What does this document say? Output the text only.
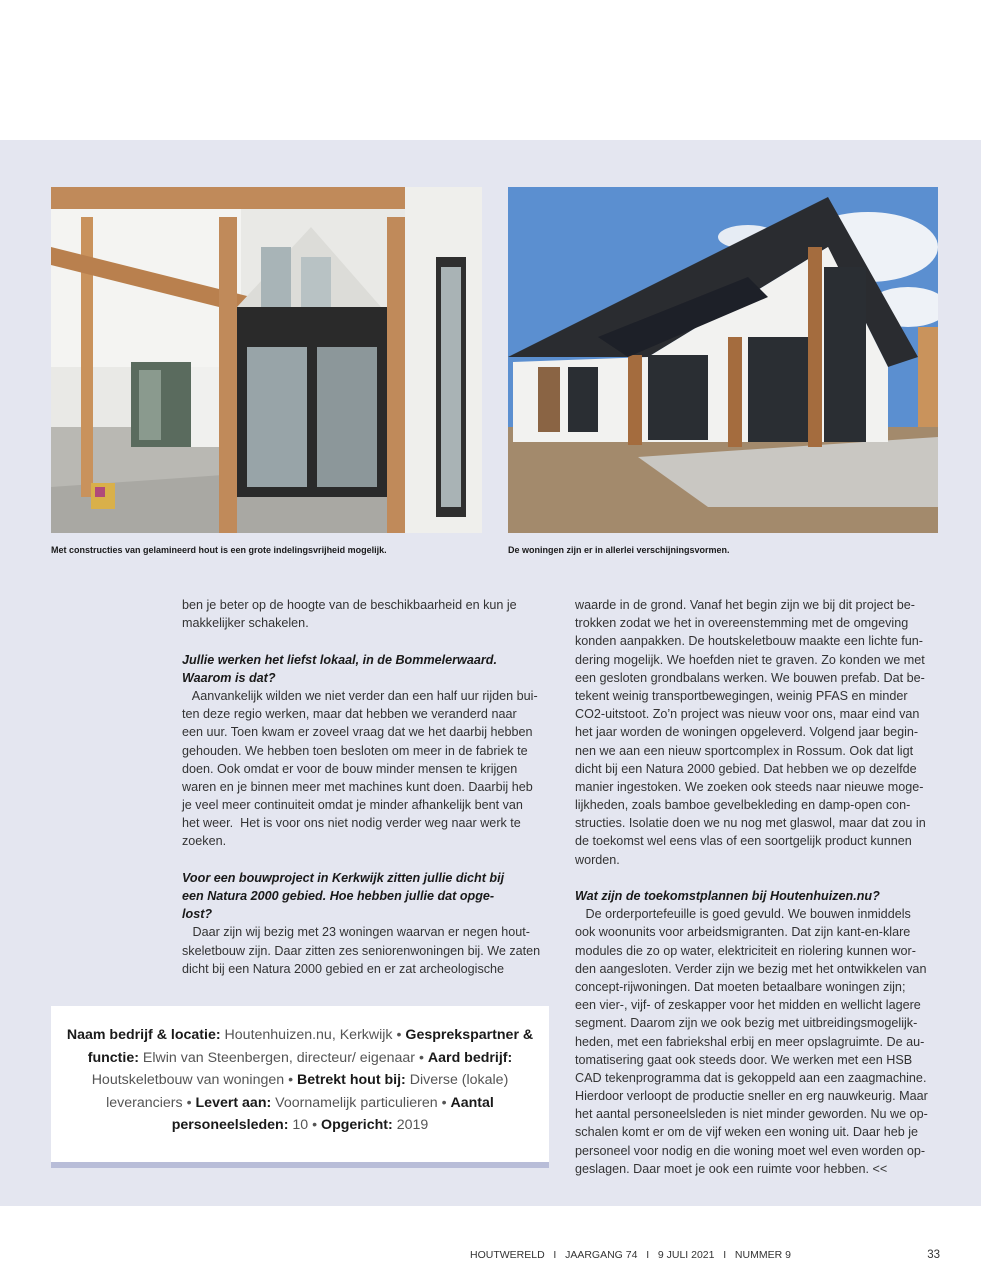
Met constructies van gelamineerd hout is een grote indelingsvrijheid mogelijk.	De woningen zijn er in allerlei verschijningsvormen.
ben je beter op de hoogte van de beschikbaarheid en kun je
makkelijker schakelen.
Jullie werken het liefst lokaal, in de Bommelerwaard.
Waarom is dat?
Aanvankelijk wilden we niet verder dan een half uur rijden bui-
ten deze regio werken, maar dat hebben we veranderd naar
een uur. Toen kwam er zoveel vraag dat we het daarbij hebben
gehouden. We hebben toen besloten om meer in de fabriek te
doen. Ook omdat er voor de bouw minder mensen te krijgen
waren en je binnen meer met machines kunt doen. Daarbij heb
je veel meer continuiteit omdat je minder afhankelijk bent van
het weer.  Het is voor ons niet nodig verder weg naar werk te
zoeken.
Voor een bouwproject in Kerkwijk zitten jullie dicht bij
een Natura 2000 gebied. Hoe hebben jullie dat opge-
lost?
Daar zijn wij bezig met 23 woningen waarvan er negen hout-
skeletbouw zijn. Daar zitten zes seniorenwoningen bij. We zaten
dicht bij een Natura 2000 gebied en er zat archeologische
waarde in de grond. Vanaf het begin zijn we bij dit project be-
trokken zodat we het in overeenstemming met de omgeving
konden aanpakken. De houtskeletbouw maakte een lichte fun-
dering mogelijk. We hoefden niet te graven. Zo konden we met
een gesloten grondbalans werken. We bouwen prefab. Dat be-
tekent weinig transportbewegingen, weinig PFAS en minder
CO2-uitstoot. Zo’n project was nieuw voor ons, maar eind van
het jaar worden de woningen opgeleverd. Volgend jaar begin-
nen we aan een nieuw sportcomplex in Rossum. Ook dat ligt
dicht bij een Natura 2000 gebied. Dat hebben we op dezelfde
manier ingestoken. We zoeken ook steeds naar nieuwe moge-
lijkheden, zoals bamboe gevelbekleding en damp-open con-
structies. Isolatie doen we nu nog met glaswol, maar dat zou in
de toekomst wel eens vlas of een soortgelijk product kunnen
worden.
Wat zijn de toekomstplannen bij Houtenhuizen.nu?
De orderportefeuille is goed gevuld. We bouwen inmiddels
ook woonunits voor arbeidsmigranten. Dat zijn kant-en-klare
modules die zo op water, elektriciteit en riolering kunnen wor-
den aangesloten. Verder zijn we bezig met het ontwikkelen van
concept-rijwoningen. Dat moeten betaalbare woningen zijn;
een vier-, vijf- of zeskapper voor het midden en wellicht lagere
segment. Daarom zijn we ook bezig met uitbreidingsmogelijk-
heden, met een fabriekshal erbij en meer opslagruimte. De au-
tomatisering gaat ook steeds door. We werken met een HSB
CAD tekenprogramma dat is gekoppeld aan een zaagmachine.
Hierdoor verloopt de productie sneller en erg nauwkeurig. Maar
het aantal personeelsleden is niet minder geworden. Nu we op-
schalen komt er om de vijf weken een woning uit. Daar heb je
personeel voor nodig en die woning moet wel even worden op-
geslagen. Daar moet je ook een ruimte voor hebben. <<
Naam bedrijf & locatie: Houtenhuizen.nu, Kerkwijk • Gesprekspartner & functie: Elwin van Steenbergen, directeur/ eigenaar • Aard bedrijf: Houtskeletbouw van woningen • Betrekt hout bij: Diverse (lokale) leveranciers • Levert aan: Voornamelijk particulieren • Aantal personeelsleden: 10 • Opgericht: 2019
HOUTWERELD   I   JAARGANG 74   I   9 JULI 2021   I   NUMMER 9	33
